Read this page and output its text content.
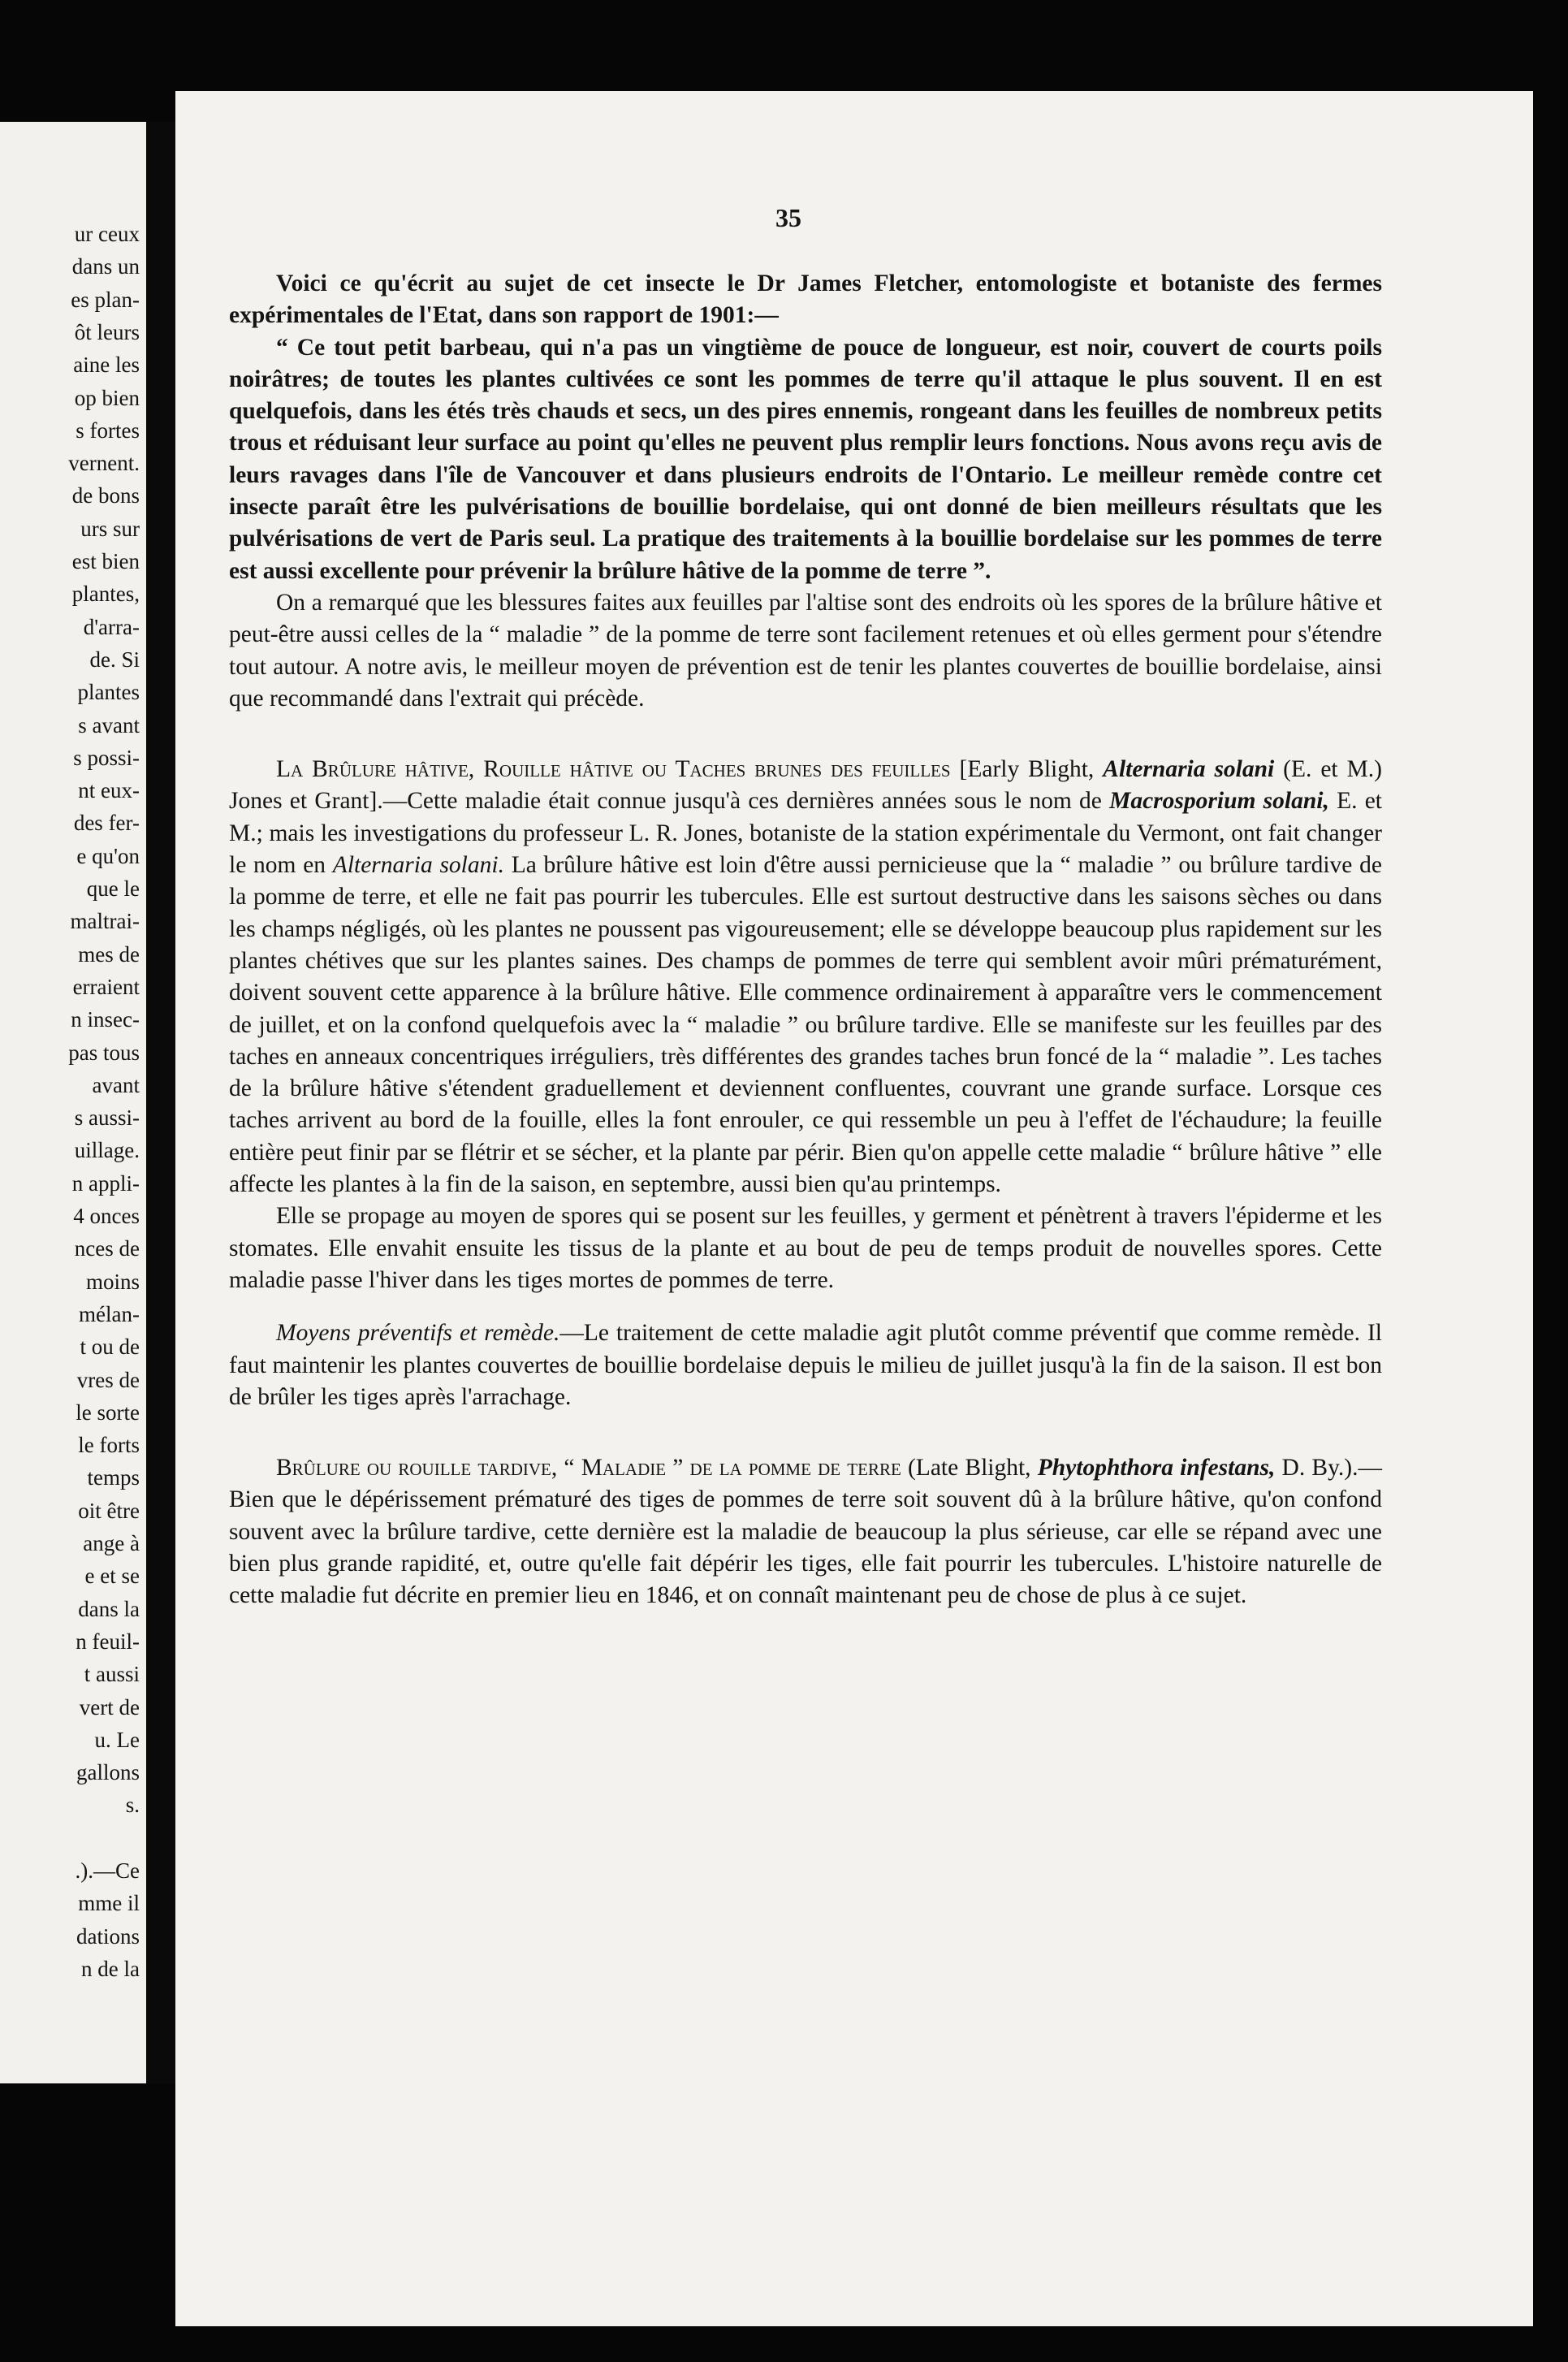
ur ceux
dans un
es plan-
ôt leurs
aine les
op bien
s fortes
vernent.
de bons
urs sur
est bien
plantes,
d'arra-
de. Si
plantes
s avant
s possi-
nt eux-
des fer-
e qu'on
que le
maltrai-
mes de
erraient
n insec-
pas tous
avant
s aussi-
uillage.
n appli-
4 onces
nces de
moins
mélan-
t ou de
vres de
le sorte
le forts
temps
oit être
ange à
e et se
dans la
n feuil-
t aussi
vert de
u. Le
gallons
s.
.).—Ce
mme il
dations
n de la
35

Voici ce qu'écrit au sujet de cet insecte le Dr James Fletcher, entomologiste et botaniste des fermes expérimentales de l'Etat, dans son rapport de 1901:—

“ Ce tout petit barbeau, qui n'a pas un vingtième de pouce de longueur, est noir, couvert de courts poils noirâtres; de toutes les plantes cultivées ce sont les pommes de terre qu'il attaque le plus souvent. Il en est quelquefois, dans les étés très chauds et secs, un des pires ennemis, rongeant dans les feuilles de nombreux petits trous et réduisant leur surface au point qu'elles ne peuvent plus remplir leurs fonctions. Nous avons reçu avis de leurs ravages dans l'île de Vancouver et dans plusieurs endroits de l'Ontario. Le meilleur remède contre cet insecte paraît être les pulvérisations de bouillie bordelaise, qui ont donné de bien meilleurs résultats que les pulvérisations de vert de Paris seul. La pratique des traitements à la bouillie bordelaise sur les pommes de terre est aussi excellente pour prévenir la brûlure hâtive de la pomme de terre ”.

On a remarqué que les blessures faites aux feuilles par l'altise sont des endroits où les spores de la brûlure hâtive et peut-être aussi celles de la “ maladie ” de la pomme de terre sont facilement retenues et où elles germent pour s'étendre tout autour. A notre avis, le meilleur moyen de prévention est de tenir les plantes couvertes de bouillie bordelaise, ainsi que recommandé dans l'extrait qui précède.

La Brûlure hâtive, Rouille hâtive ou Taches brunes des feuilles [Early Blight, Alternaria solani (E. et M.) Jones et Grant].—Cette maladie était connue jusqu'à ces dernières années sous le nom de Macrosporium solani, E. et M.; mais les investigations du professeur L. R. Jones, botaniste de la station expérimentale du Vermont, ont fait changer le nom en Alternaria solani. La brûlure hâtive est loin d'être aussi pernicieuse que la “ maladie ” ou brûlure tardive de la pomme de terre, et elle ne fait pas pourrir les tubercules. Elle est surtout destructive dans les saisons sèches ou dans les champs négligés, où les plantes ne poussent pas vigoureusement; elle se développe beaucoup plus rapidement sur les plantes chétives que sur les plantes saines. Des champs de pommes de terre qui semblent avoir mûri prématurément, doivent souvent cette apparence à la brûlure hâtive. Elle commence ordinairement à apparaître vers le commencement de juillet, et on la confond quelquefois avec la “ maladie ” ou brûlure tardive. Elle se manifeste sur les feuilles par des taches en anneaux concentriques irréguliers, très différentes des grandes taches brun foncé de la “ maladie ”. Les taches de la brûlure hâtive s'étendent graduellement et deviennent confluentes, couvrant une grande surface. Lorsque ces taches arrivent au bord de la fouille, elles la font enrouler, ce qui ressemble un peu à l'effet de l'échaudure; la feuille entière peut finir par se flétrir et se sécher, et la plante par périr. Bien qu'on appelle cette maladie “ brûlure hâtive ” elle affecte les plantes à la fin de la saison, en septembre, aussi bien qu'au printemps.

Elle se propage au moyen de spores qui se posent sur les feuilles, y germent et pénètrent à travers l'épiderme et les stomates. Elle envahit ensuite les tissus de la plante et au bout de peu de temps produit de nouvelles spores. Cette maladie passe l'hiver dans les tiges mortes de pommes de terre.

Moyens préventifs et remède.—Le traitement de cette maladie agit plutôt comme préventif que comme remède. Il faut maintenir les plantes couvertes de bouillie bordelaise depuis le milieu de juillet jusqu'à la fin de la saison. Il est bon de brûler les tiges après l'arrachage.

Brûlure ou rouille tardive, “ Maladie ” de la pomme de terre (Late Blight, Phytophthora infestans, D. By.).—Bien que le dépérissement prématuré des tiges de pommes de terre soit souvent dû à la brûlure hâtive, qu'on confond souvent avec la brûlure tardive, cette dernière est la maladie de beaucoup la plus sérieuse, car elle se répand avec une bien plus grande rapidité, et, outre qu'elle fait dépérir les tiges, elle fait pourrir les tubercules. L'histoire naturelle de cette maladie fut décrite en premier lieu en 1846, et on connaît maintenant peu de chose de plus à ce sujet.
